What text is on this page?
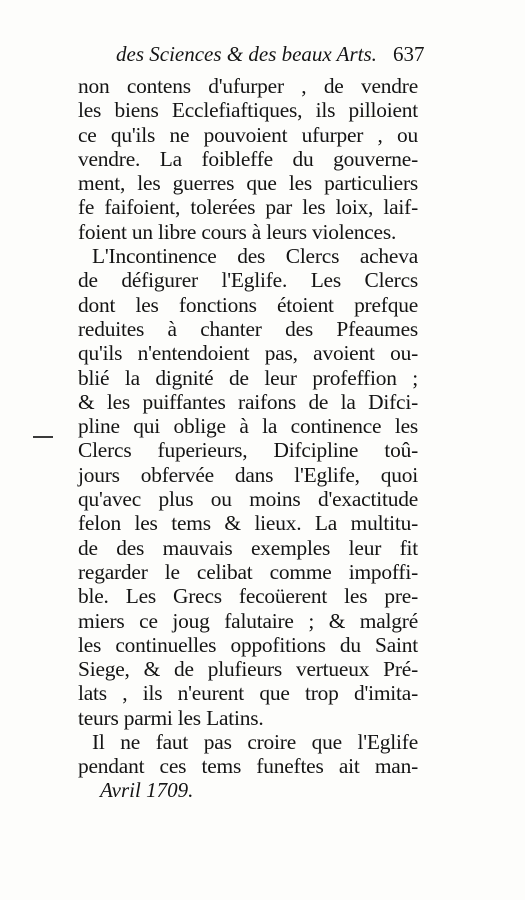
des Sciences & des beaux Arts. 637
non contens d'ufurper , de vendre
les biens Ecclefiaftiques, ils pilloient
ce qu'ils ne pouvoient ufurper , ou
vendre. La foibleffe du gouverne-
ment, les guerres que les particuliers
fe faifoient, tolerées par les loix, laif-
foient un libre cours à leurs violences.
L'Incontinence des Clercs acheva
de défigurer l'Eglife. Les Clercs
dont les fonctions étoient prefque
reduites à chanter des Pfeaumes
qu'ils n'entendoient pas, avoient ou-
blié la dignité de leur profeffion ;
& les puiffantes raifons de la Difci-
pline qui oblige à la continence les
Clercs fuperieurs, Difcipline toû-
jours obfervée dans l'Eglife, quoi
qu'avec plus ou moins d'exactitude
felon les tems & lieux. La multitu-
de des mauvais exemples leur fit
regarder le celibat comme impoffi-
ble. Les Grecs fecoüerent les pre-
miers ce joug falutaire ; & malgré
les continuelles oppofitions du Saint
Siege, & de plufieurs vertueux Pré-
lats , ils n'eurent que trop d'imita-
teurs parmi les Latins.
Il ne faut pas croire que l'Eglife
pendant ces tems funeftes ait man-
Avril 1709.
